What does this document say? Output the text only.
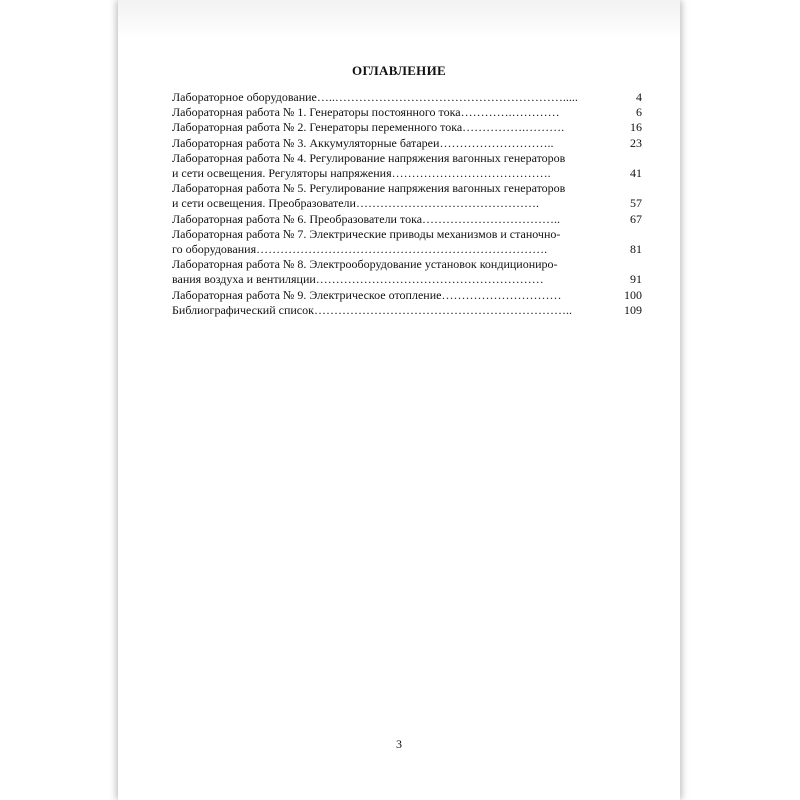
ОГЛАВЛЕНИЕ
Лабораторное оборудование …..………………………………………………….....	4
Лабораторная работа № 1. Генераторы постоянного тока ………….…………	6
Лабораторная работа № 2. Генераторы переменного тока …………….……….	16
Лабораторная работа № 3. Аккумуляторные батареи ………………………..	23
Лабораторная работа № 4. Регулирование напряжения вагонных генераторов
и сети освещения. Регуляторы напряжения ………………………………….	41
Лабораторная работа № 5. Регулирование напряжения вагонных генераторов
и сети освещения. Преобразователи ……………………………………….	57
Лабораторная работа № 6. Преобразователи тока ……………………………..	67
Лабораторная работа № 7. Электрические приводы механизмов и станочно-
го оборудования ……………………………………………………………….	81
Лабораторная работа № 8. Электрооборудование установок кондициониро-
вания воздуха и вентиляции …………………………………………………	91
Лабораторная работа № 9. Электрическое отопление …………………………	100
Библиографический список ………………………………………………………..	109
3
